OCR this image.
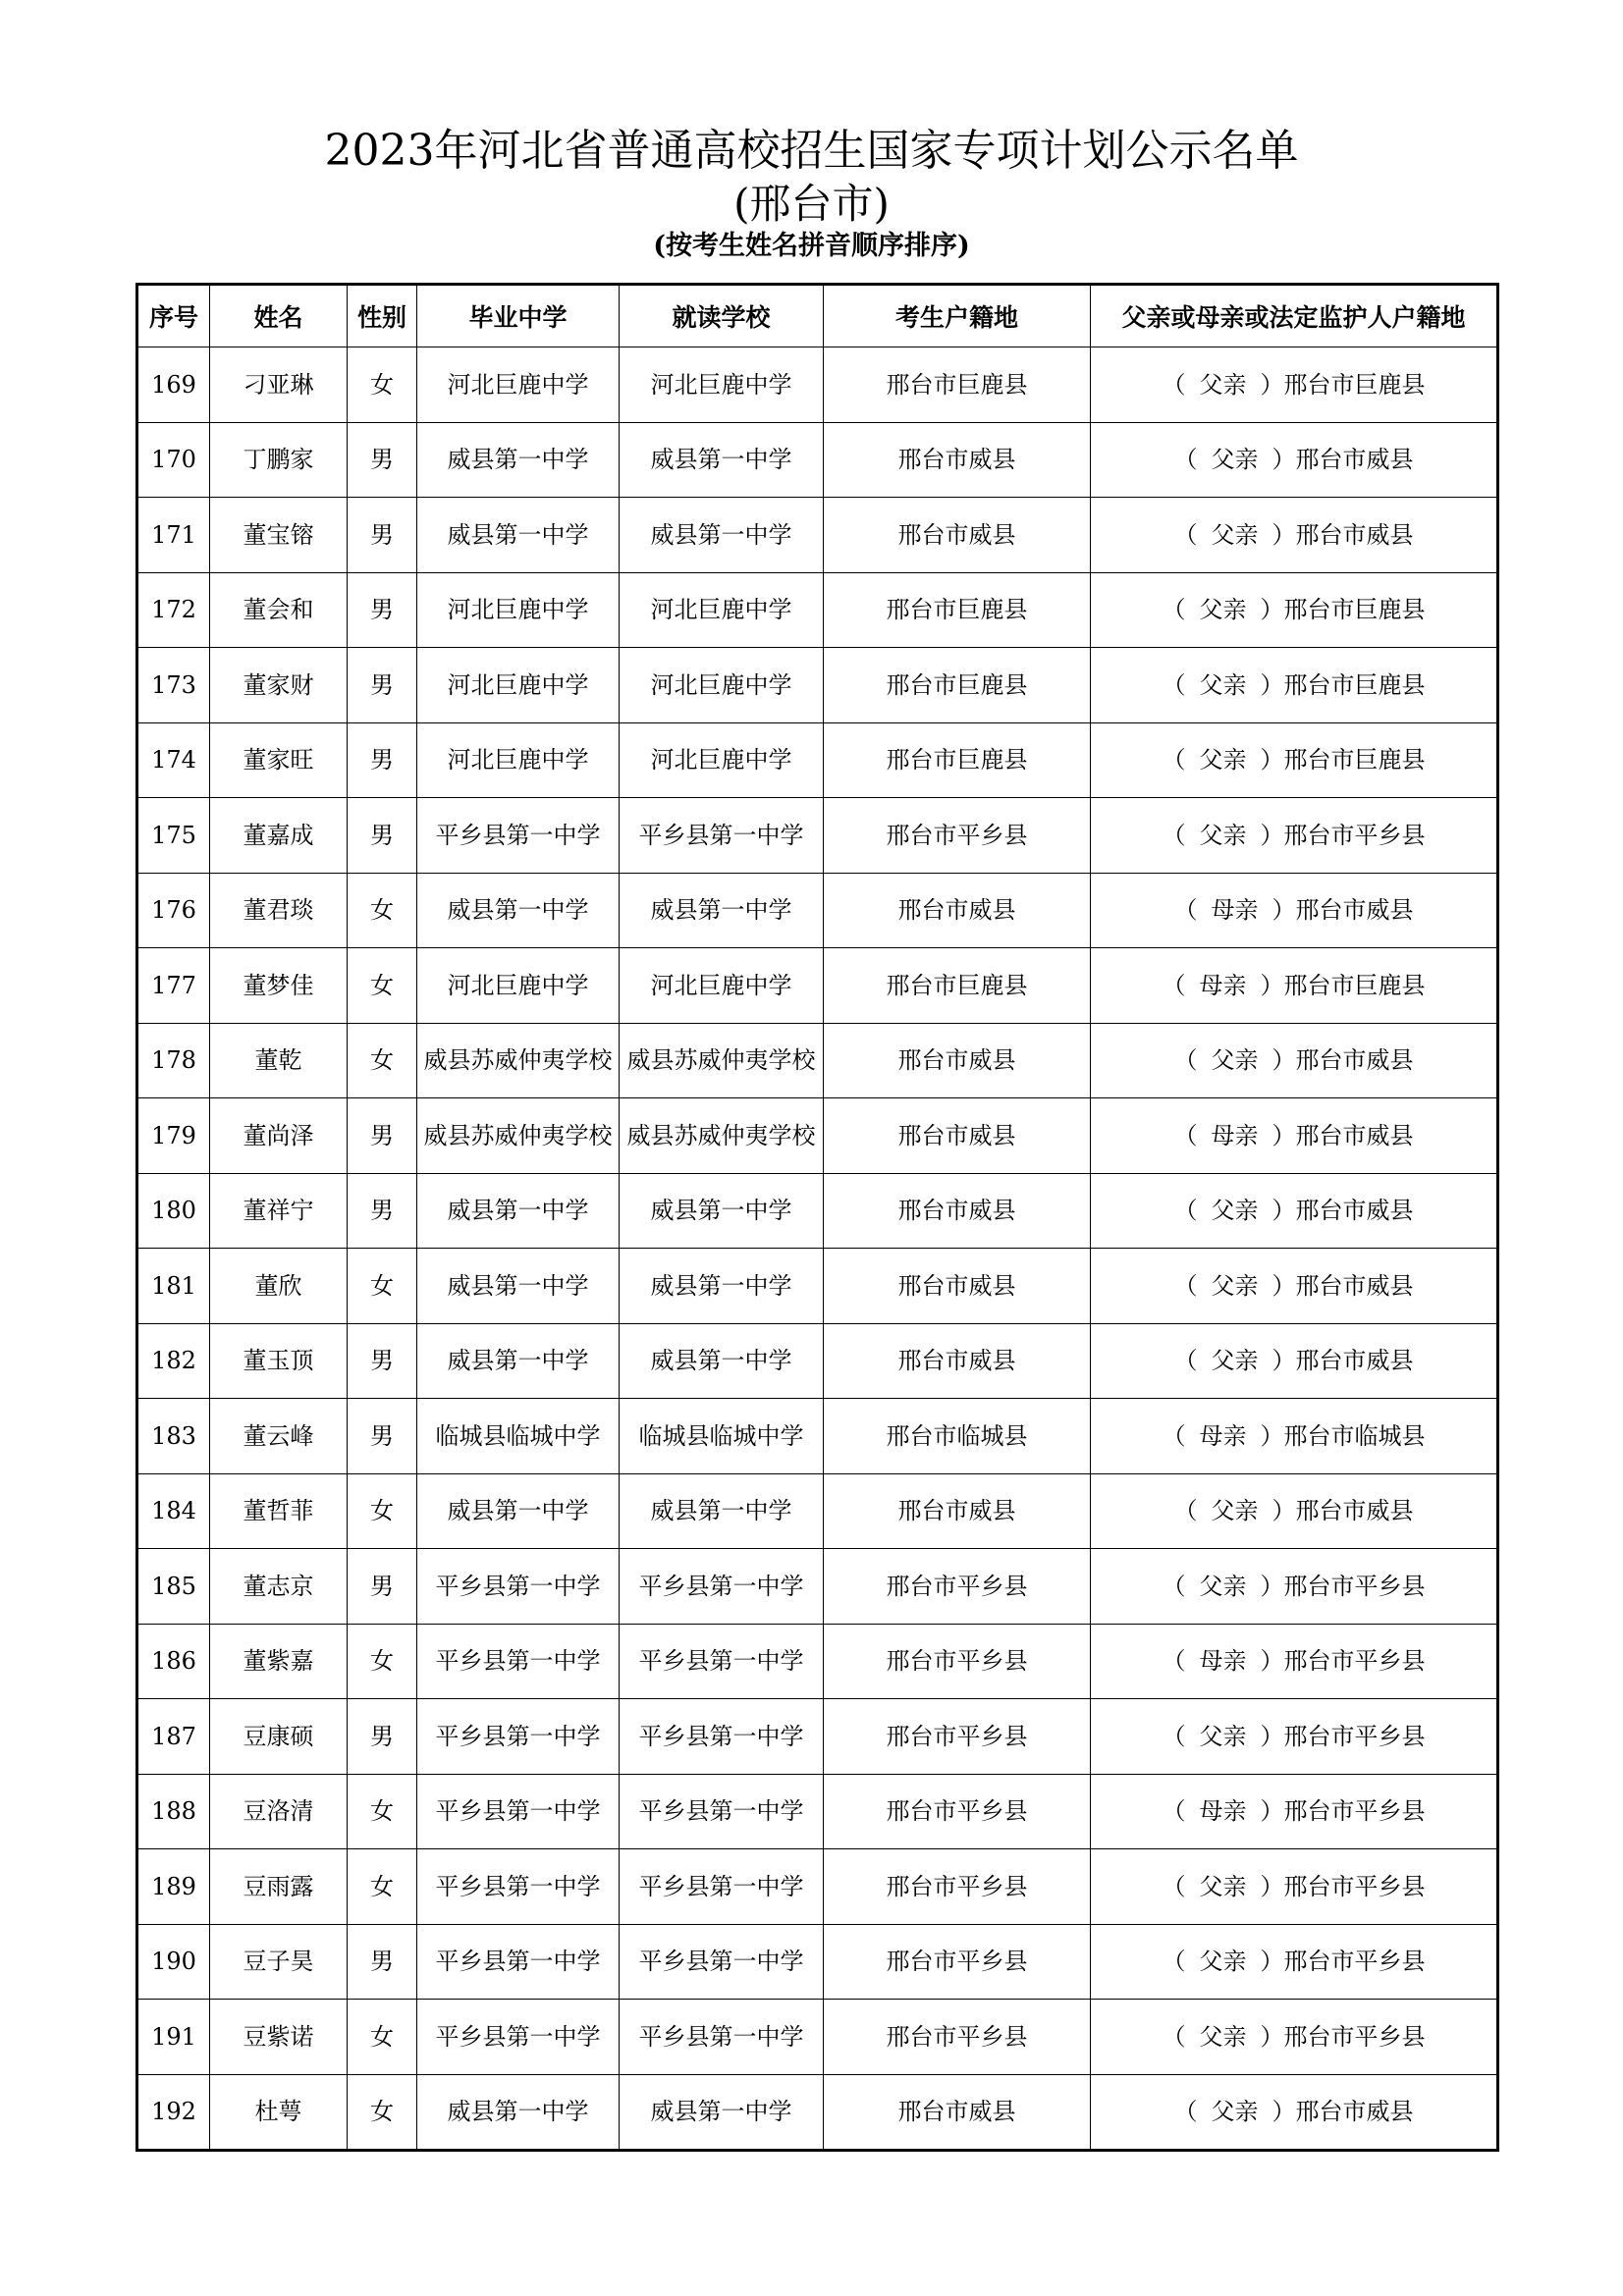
2023年河北省普通高校招生国家专项计划公示名单
(邢台市)
(按考生姓名拼音顺序排序)
序号	姓名	性别	毕业中学	就读学校	考生户籍地	父亲或母亲或法定监护人户籍地
169	刁亚琳	女	河北巨鹿中学	河北巨鹿中学	邢台市巨鹿县	（ 父亲 ）邢台市巨鹿县
170	丁鹏家	男	威县第一中学	威县第一中学	邢台市威县	（ 父亲 ）邢台市威县
171	董宝镕	男	威县第一中学	威县第一中学	邢台市威县	（ 父亲 ）邢台市威县
172	董会和	男	河北巨鹿中学	河北巨鹿中学	邢台市巨鹿县	（ 父亲 ）邢台市巨鹿县
173	董家财	男	河北巨鹿中学	河北巨鹿中学	邢台市巨鹿县	（ 父亲 ）邢台市巨鹿县
174	董家旺	男	河北巨鹿中学	河北巨鹿中学	邢台市巨鹿县	（ 父亲 ）邢台市巨鹿县
175	董嘉成	男	平乡县第一中学	平乡县第一中学	邢台市平乡县	（ 父亲 ）邢台市平乡县
176	董君琰	女	威县第一中学	威县第一中学	邢台市威县	（ 母亲 ）邢台市威县
177	董梦佳	女	河北巨鹿中学	河北巨鹿中学	邢台市巨鹿县	（ 母亲 ）邢台市巨鹿县
178	董乾	女	威县苏威仲夷学校	威县苏威仲夷学校	邢台市威县	（ 父亲 ）邢台市威县
179	董尚泽	男	威县苏威仲夷学校	威县苏威仲夷学校	邢台市威县	（ 母亲 ）邢台市威县
180	董祥宁	男	威县第一中学	威县第一中学	邢台市威县	（ 父亲 ）邢台市威县
181	董欣	女	威县第一中学	威县第一中学	邢台市威县	（ 父亲 ）邢台市威县
182	董玉顶	男	威县第一中学	威县第一中学	邢台市威县	（ 父亲 ）邢台市威县
183	董云峰	男	临城县临城中学	临城县临城中学	邢台市临城县	（ 母亲 ）邢台市临城县
184	董哲菲	女	威县第一中学	威县第一中学	邢台市威县	（ 父亲 ）邢台市威县
185	董志京	男	平乡县第一中学	平乡县第一中学	邢台市平乡县	（ 父亲 ）邢台市平乡县
186	董紫嘉	女	平乡县第一中学	平乡县第一中学	邢台市平乡县	（ 母亲 ）邢台市平乡县
187	豆康硕	男	平乡县第一中学	平乡县第一中学	邢台市平乡县	（ 父亲 ）邢台市平乡县
188	豆洛清	女	平乡县第一中学	平乡县第一中学	邢台市平乡县	（ 母亲 ）邢台市平乡县
189	豆雨露	女	平乡县第一中学	平乡县第一中学	邢台市平乡县	（ 父亲 ）邢台市平乡县
190	豆子昊	男	平乡县第一中学	平乡县第一中学	邢台市平乡县	（ 父亲 ）邢台市平乡县
191	豆紫诺	女	平乡县第一中学	平乡县第一中学	邢台市平乡县	（ 父亲 ）邢台市平乡县
192	杜萼	女	威县第一中学	威县第一中学	邢台市威县	（ 父亲 ）邢台市威县
